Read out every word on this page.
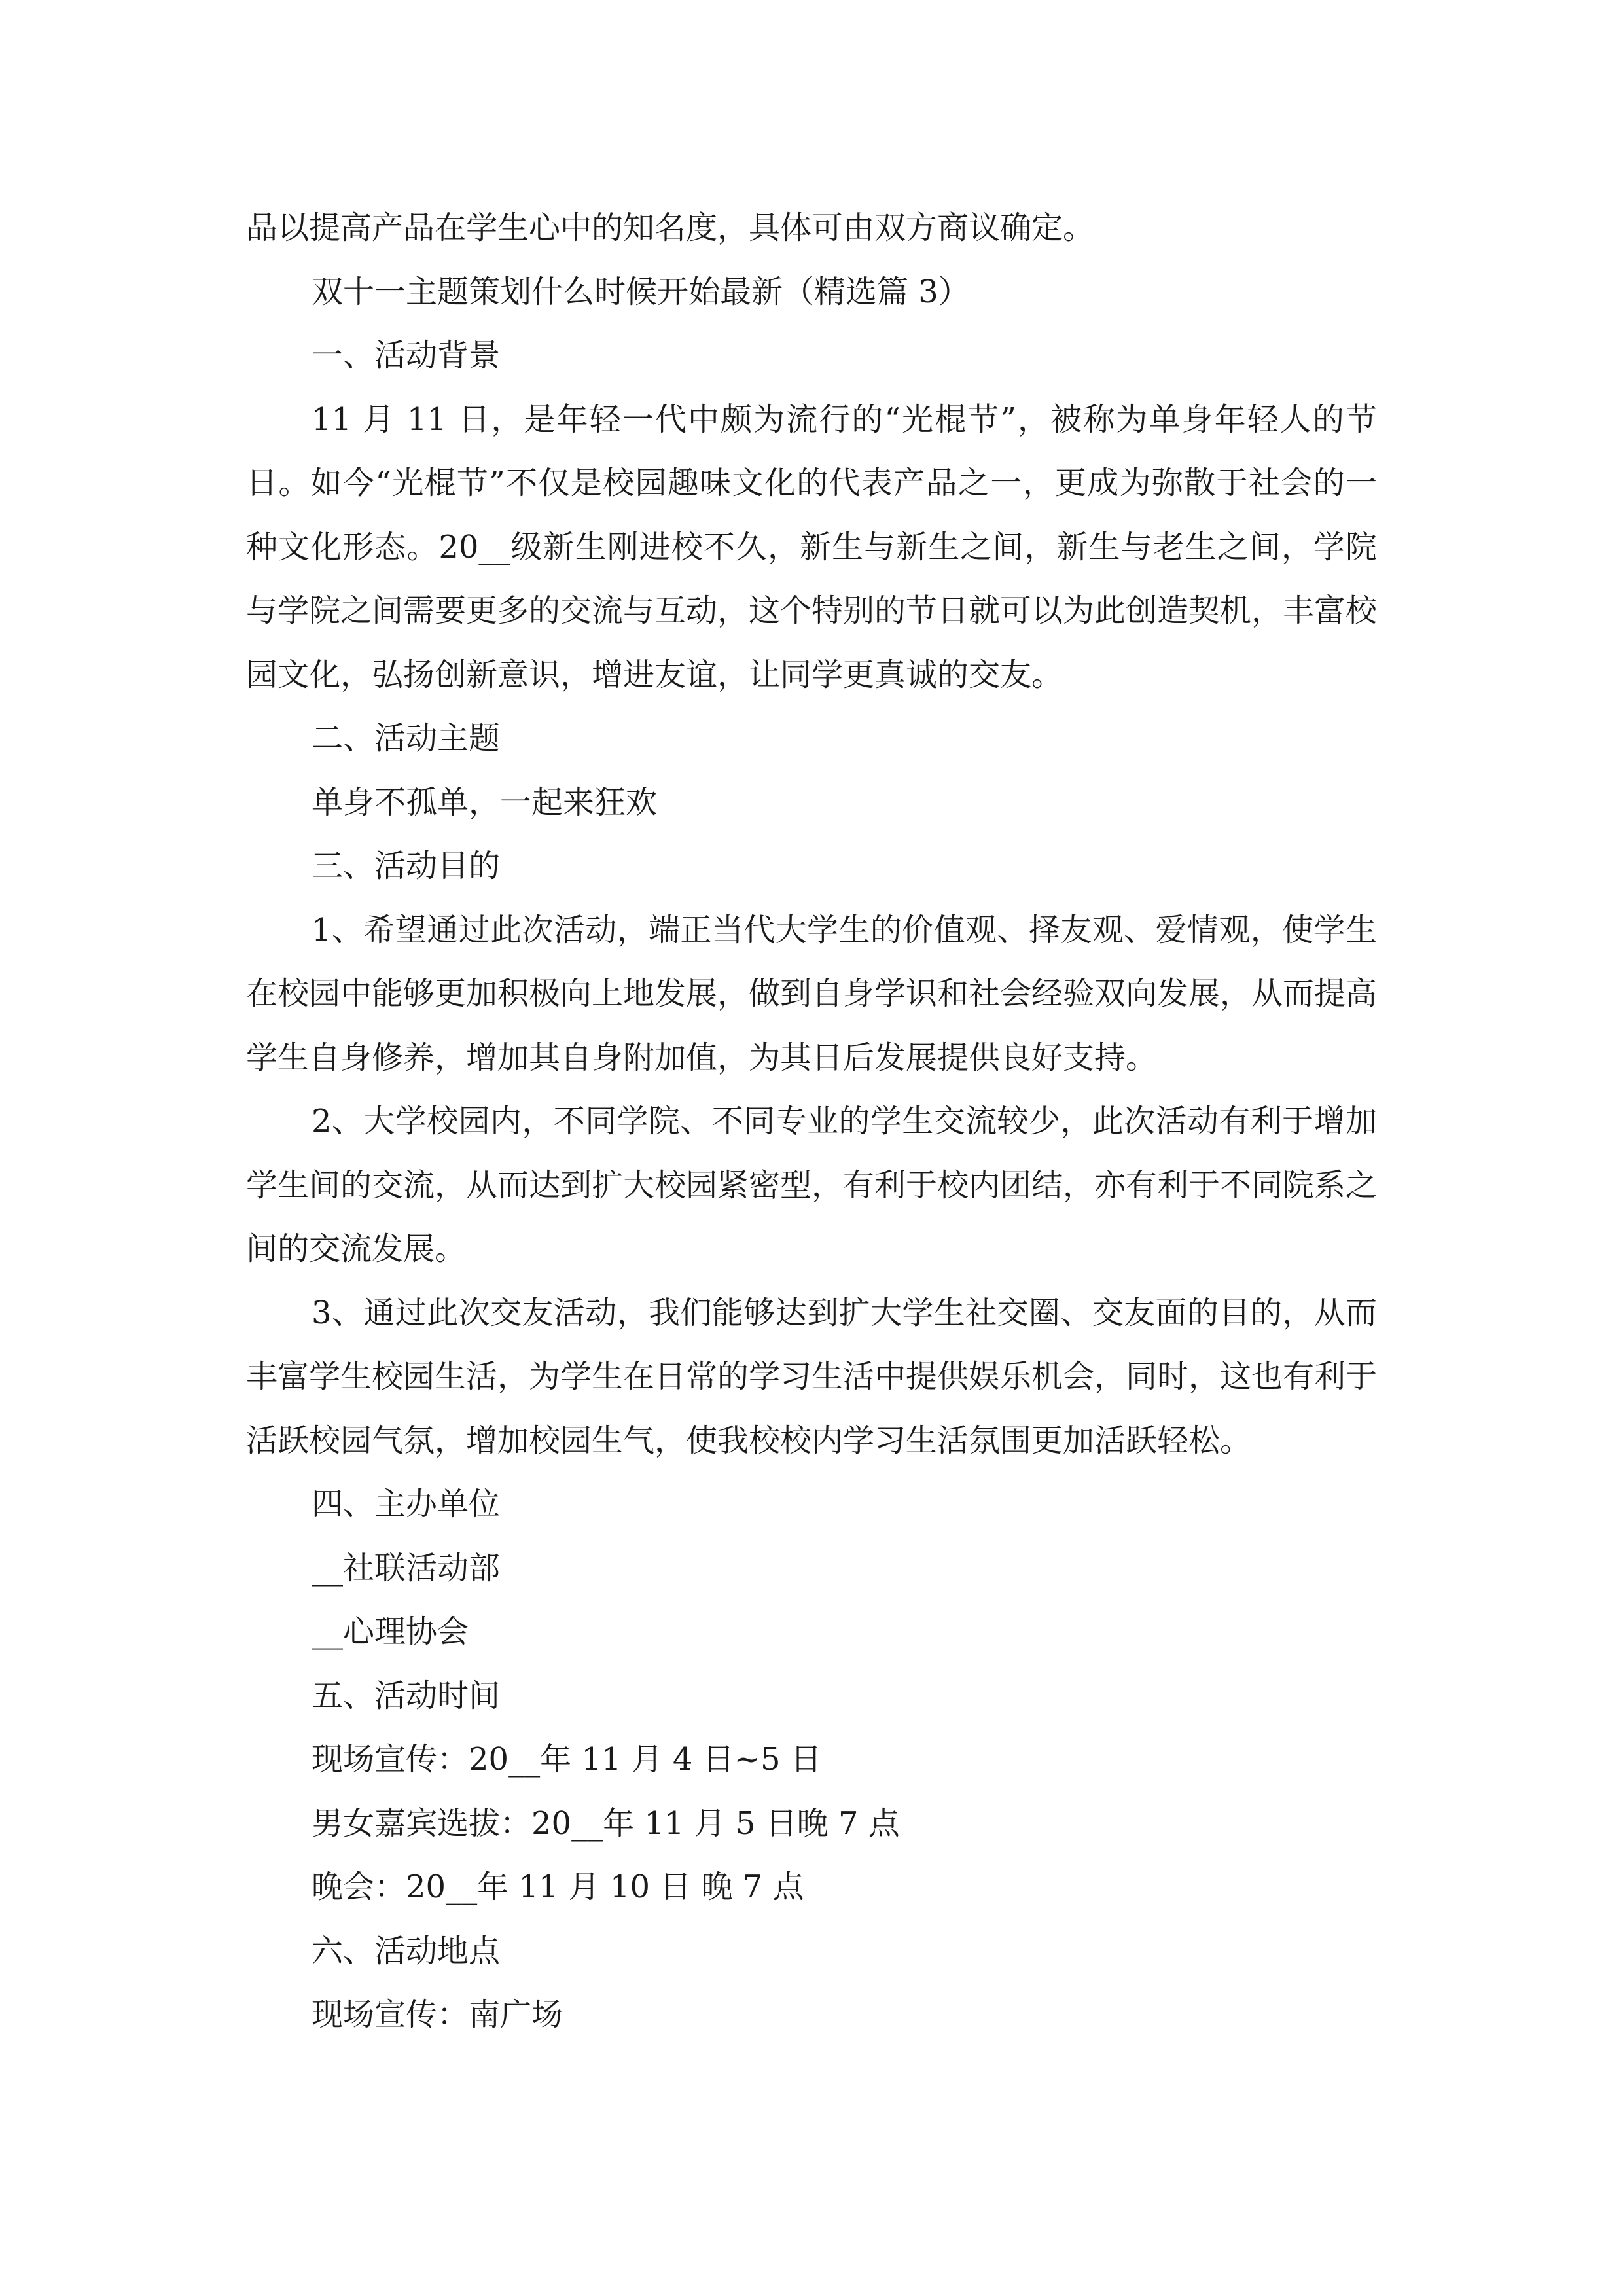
品以提高产品在学生心中的知名度，具体可由双方商议确定。

双十一主题策划什么时候开始最新（精选篇 3）

一、活动背景

11 月 11 日，是年轻一代中颇为流行的“光棍节”，被称为单身年轻人的节日。如今“光棍节”不仅是校园趣味文化的代表产品之一，更成为弥散于社会的一种文化形态。20__级新生刚进校不久，新生与新生之间，新生与老生之间，学院与学院之间需要更多的交流与互动，这个特别的节日就可以为此创造契机，丰富校园文化，弘扬创新意识，增进友谊，让同学更真诚的交友。

二、活动主题

单身不孤单，一起来狂欢

三、活动目的

1、希望通过此次活动，端正当代大学生的价值观、择友观、爱情观，使学生在校园中能够更加积极向上地发展，做到自身学识和社会经验双向发展，从而提高学生自身修养，增加其自身附加值，为其日后发展提供良好支持。

2、大学校园内，不同学院、不同专业的学生交流较少，此次活动有利于增加学生间的交流，从而达到扩大校园紧密型，有利于校内团结，亦有利于不同院系之间的交流发展。

3、通过此次交友活动，我们能够达到扩大学生社交圈、交友面的目的，从而丰富学生校园生活，为学生在日常的学习生活中提供娱乐机会，同时，这也有利于活跃校园气氛，增加校园生气，使我校校内学习生活氛围更加活跃轻松。

四、主办单位

__社联活动部

__心理协会

五、活动时间

现场宣传：20__年 11 月 4 日~5 日

男女嘉宾选拔：20__年 11 月 5 日晚 7 点

晚会：20__年 11 月 10 日 晚 7 点

六、活动地点

现场宣传：南广场
